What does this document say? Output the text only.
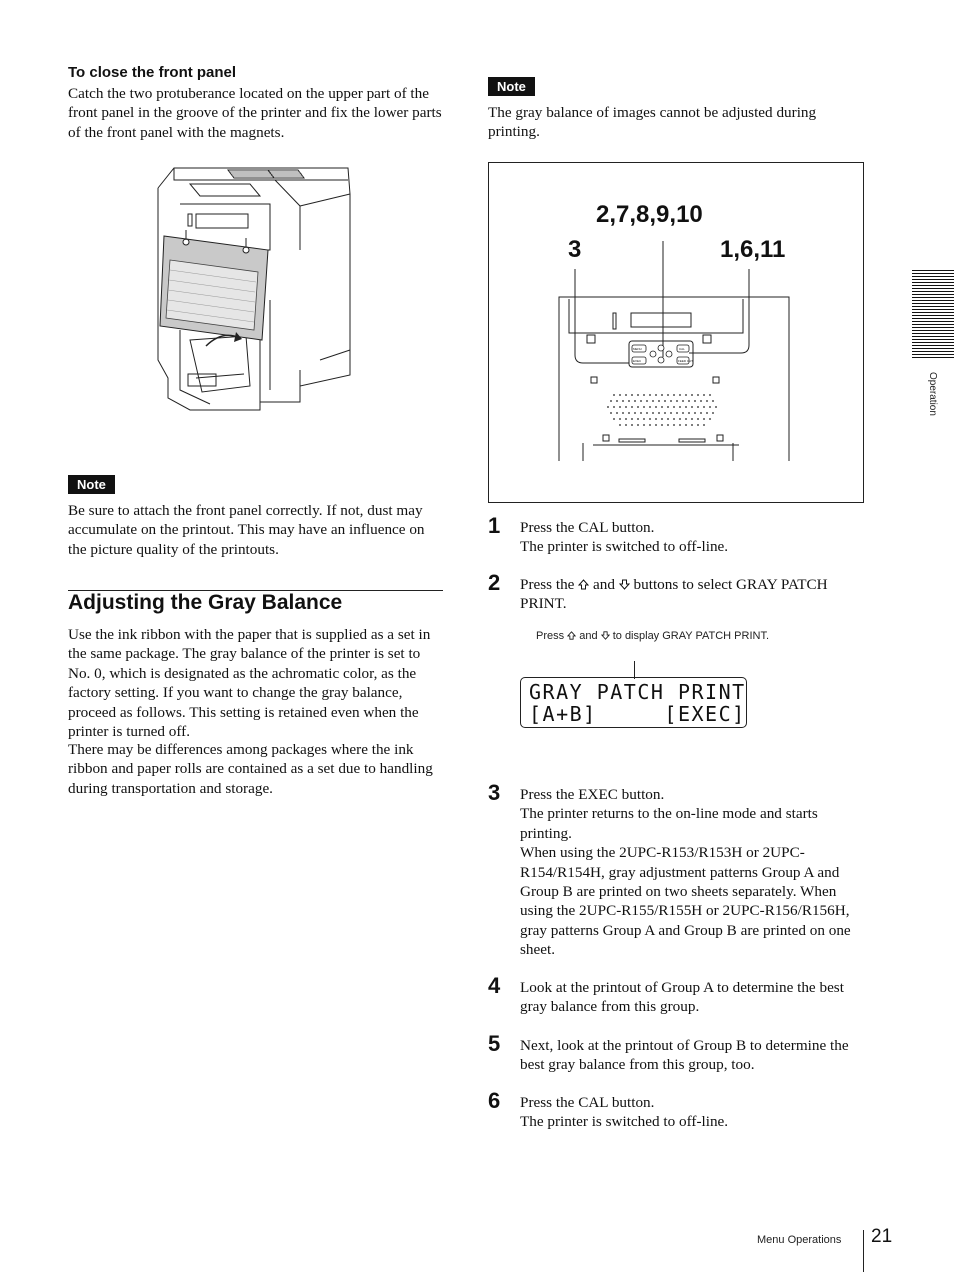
To close the front panel
Catch the two protuberance located on the upper part of the front panel in the groove of the printer and fix the lower parts of the front panel with the magnets.
Note
Be sure to attach the front panel correctly. If not, dust may accumulate on the printout. This may have an influence on the picture quality of the printouts.
Adjusting the Gray Balance
Use the ink ribbon with the paper that is supplied as a set in the same package. The gray balance of the printer is set to No. 0, which is designated as the achromatic color, as the factory setting. If you want to change the gray balance, proceed as follows. This setting is retained even when the printer is turned off.
There may be differences among packages where the ink ribbon and paper rolls are contained as a set due to handling during transportation and storage.
Note
The gray balance of images cannot be adjusted during printing.
2,7,8,9,10
3	1,6,11
MENU	CAL
EXEC	FEED CUT
1 Press the CAL button.
The printer is switched to off-line.
2 Press the  and  buttons to select GRAY PATCH PRINT.
Press  and  to display GRAY PATCH PRINT.
GRAY PATCH PRINT
[A+B]     [EXEC]
3 Press the EXEC button.
The printer returns to the on-line mode and starts printing.
When using the 2UPC-R153/R153H or 2UPC-R154/R154H, gray adjustment patterns Group A and Group B are printed on two sheets separately. When using the 2UPC-R155/R155H or 2UPC-R156/R156H, gray patterns Group A and Group B are printed on one sheet.
4 Look at the printout of Group A to determine the best gray balance from this group.
5 Next, look at the printout of Group B to determine the best gray balance from this group, too.
6 Press the CAL button.
The printer is switched to off-line.
Operation
Menu Operations 21
